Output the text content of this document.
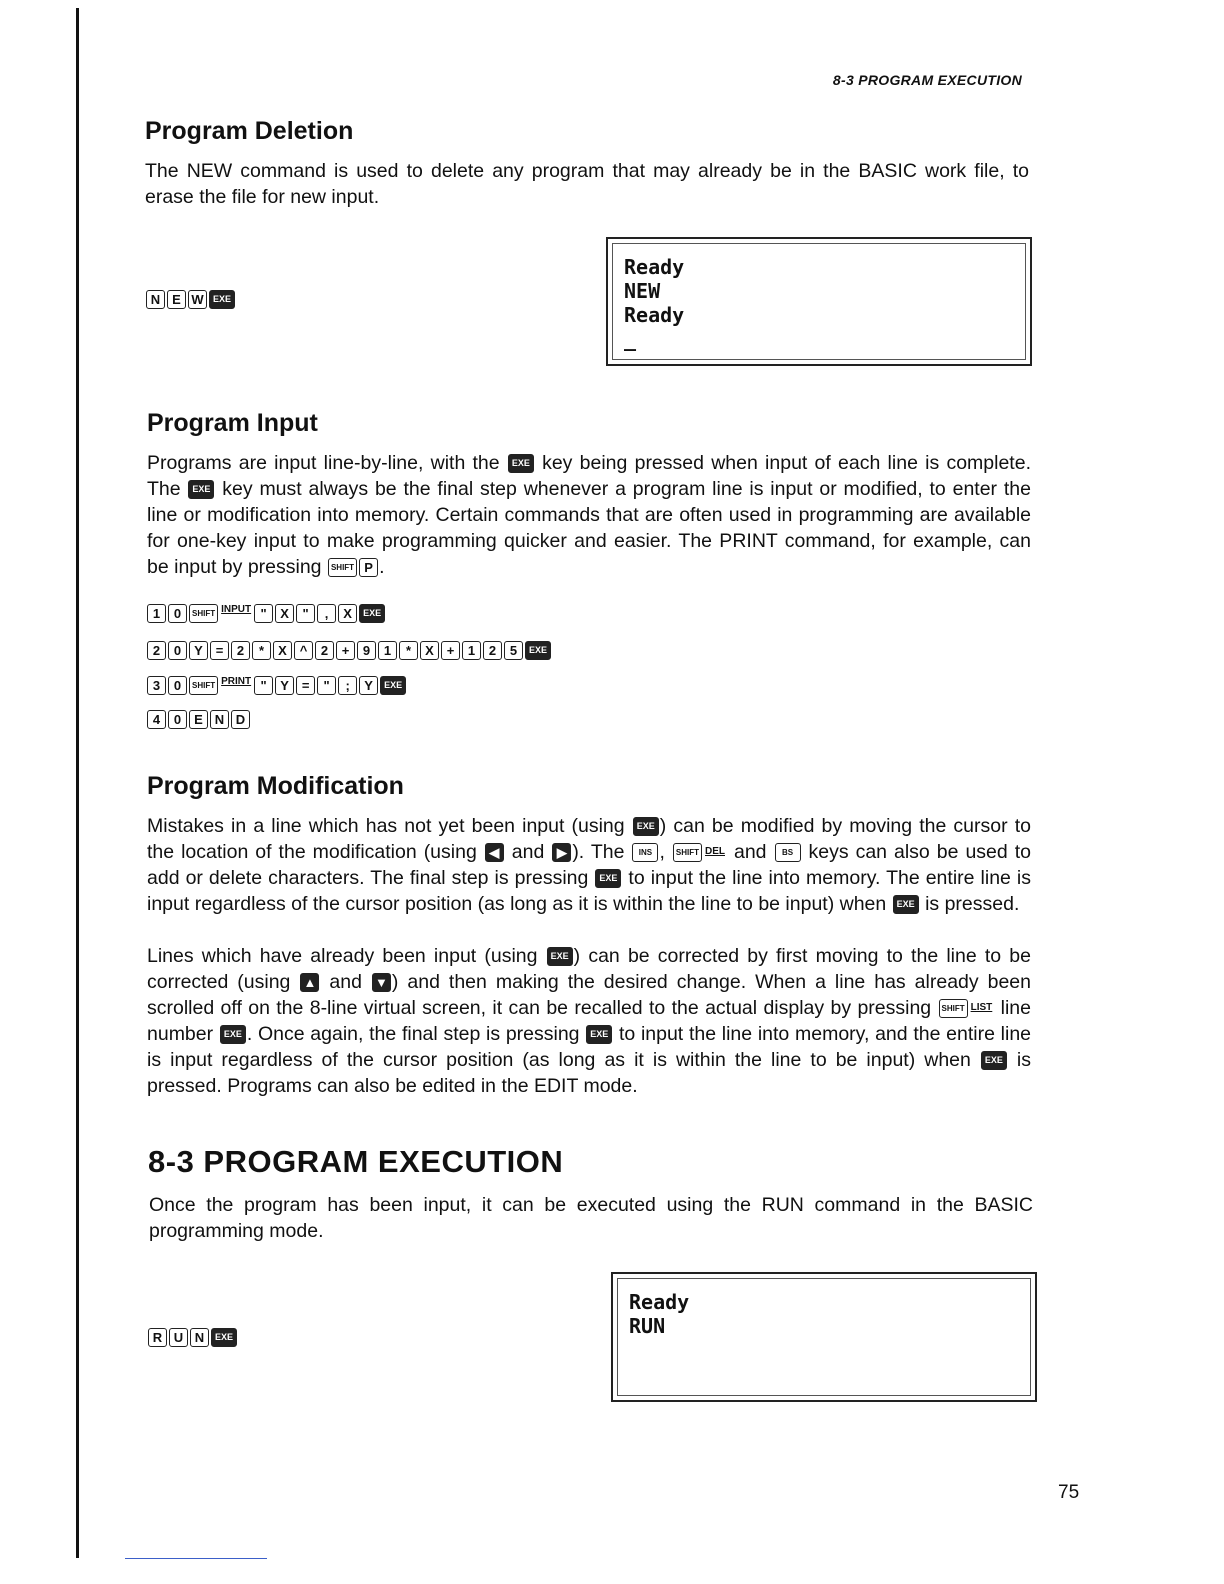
8-3 PROGRAM EXECUTION
Program Deletion

The NEW command is used to delete any program that may already be in the BASIC work file, to erase the file for new input.

N E W EXE
Ready
NEW
Ready
_
Program Input

Programs are input line-by-line, with the EXE key being pressed when input of each line is complete. The EXE key must always be the final step whenever a program line is input or modified, to enter the line or modification into memory. Certain commands that are often used in programming are available for one-key input to make programming quicker and easier. The PRINT command, for example, can be input by pressing SHIFT P .

1 0 SHIFT $^{INPUT}$ " X " , X EXE
2 0 Y = 2 * X ^ 2 + 9 1 * X + 1 2 5 EXE
3 0 SHIFT $^{PRINT}$ " Y = " ; Y EXE
4 0 E N D
Program Modification

Mistakes in a line which has not yet been input (using EXE ) can be modified by moving the cursor to the location of the modification (using ◀ and ▶ ). The INS , SHIFT $^{DEL}$ and BS keys can also be used to add or delete characters. The final step is pressing EXE to input the line into memory. The entire line is input regardless of the cursor position (as long as it is within the line to be input) when EXE is pressed.

Lines which have already been input (using EXE ) can be corrected by first moving to the line to be corrected (using ▲ and ▼ ) and then making the desired change. When a line has already been scrolled off on the 8-line virtual screen, it can be recalled to the actual display by pressing SHIFT $^{LIST}$ line number EXE . Once again, the final step is pressing EXE to input the line into memory, and the entire line is input regardless of the cursor position (as long as it is within the line to be input) when EXE is pressed. Programs can also be edited in the EDIT mode.

8-3 PROGRAM EXECUTION

Once the program has been input, it can be executed using the RUN command in the BASIC programming mode.

R U N EXE
Ready
RUN
75
